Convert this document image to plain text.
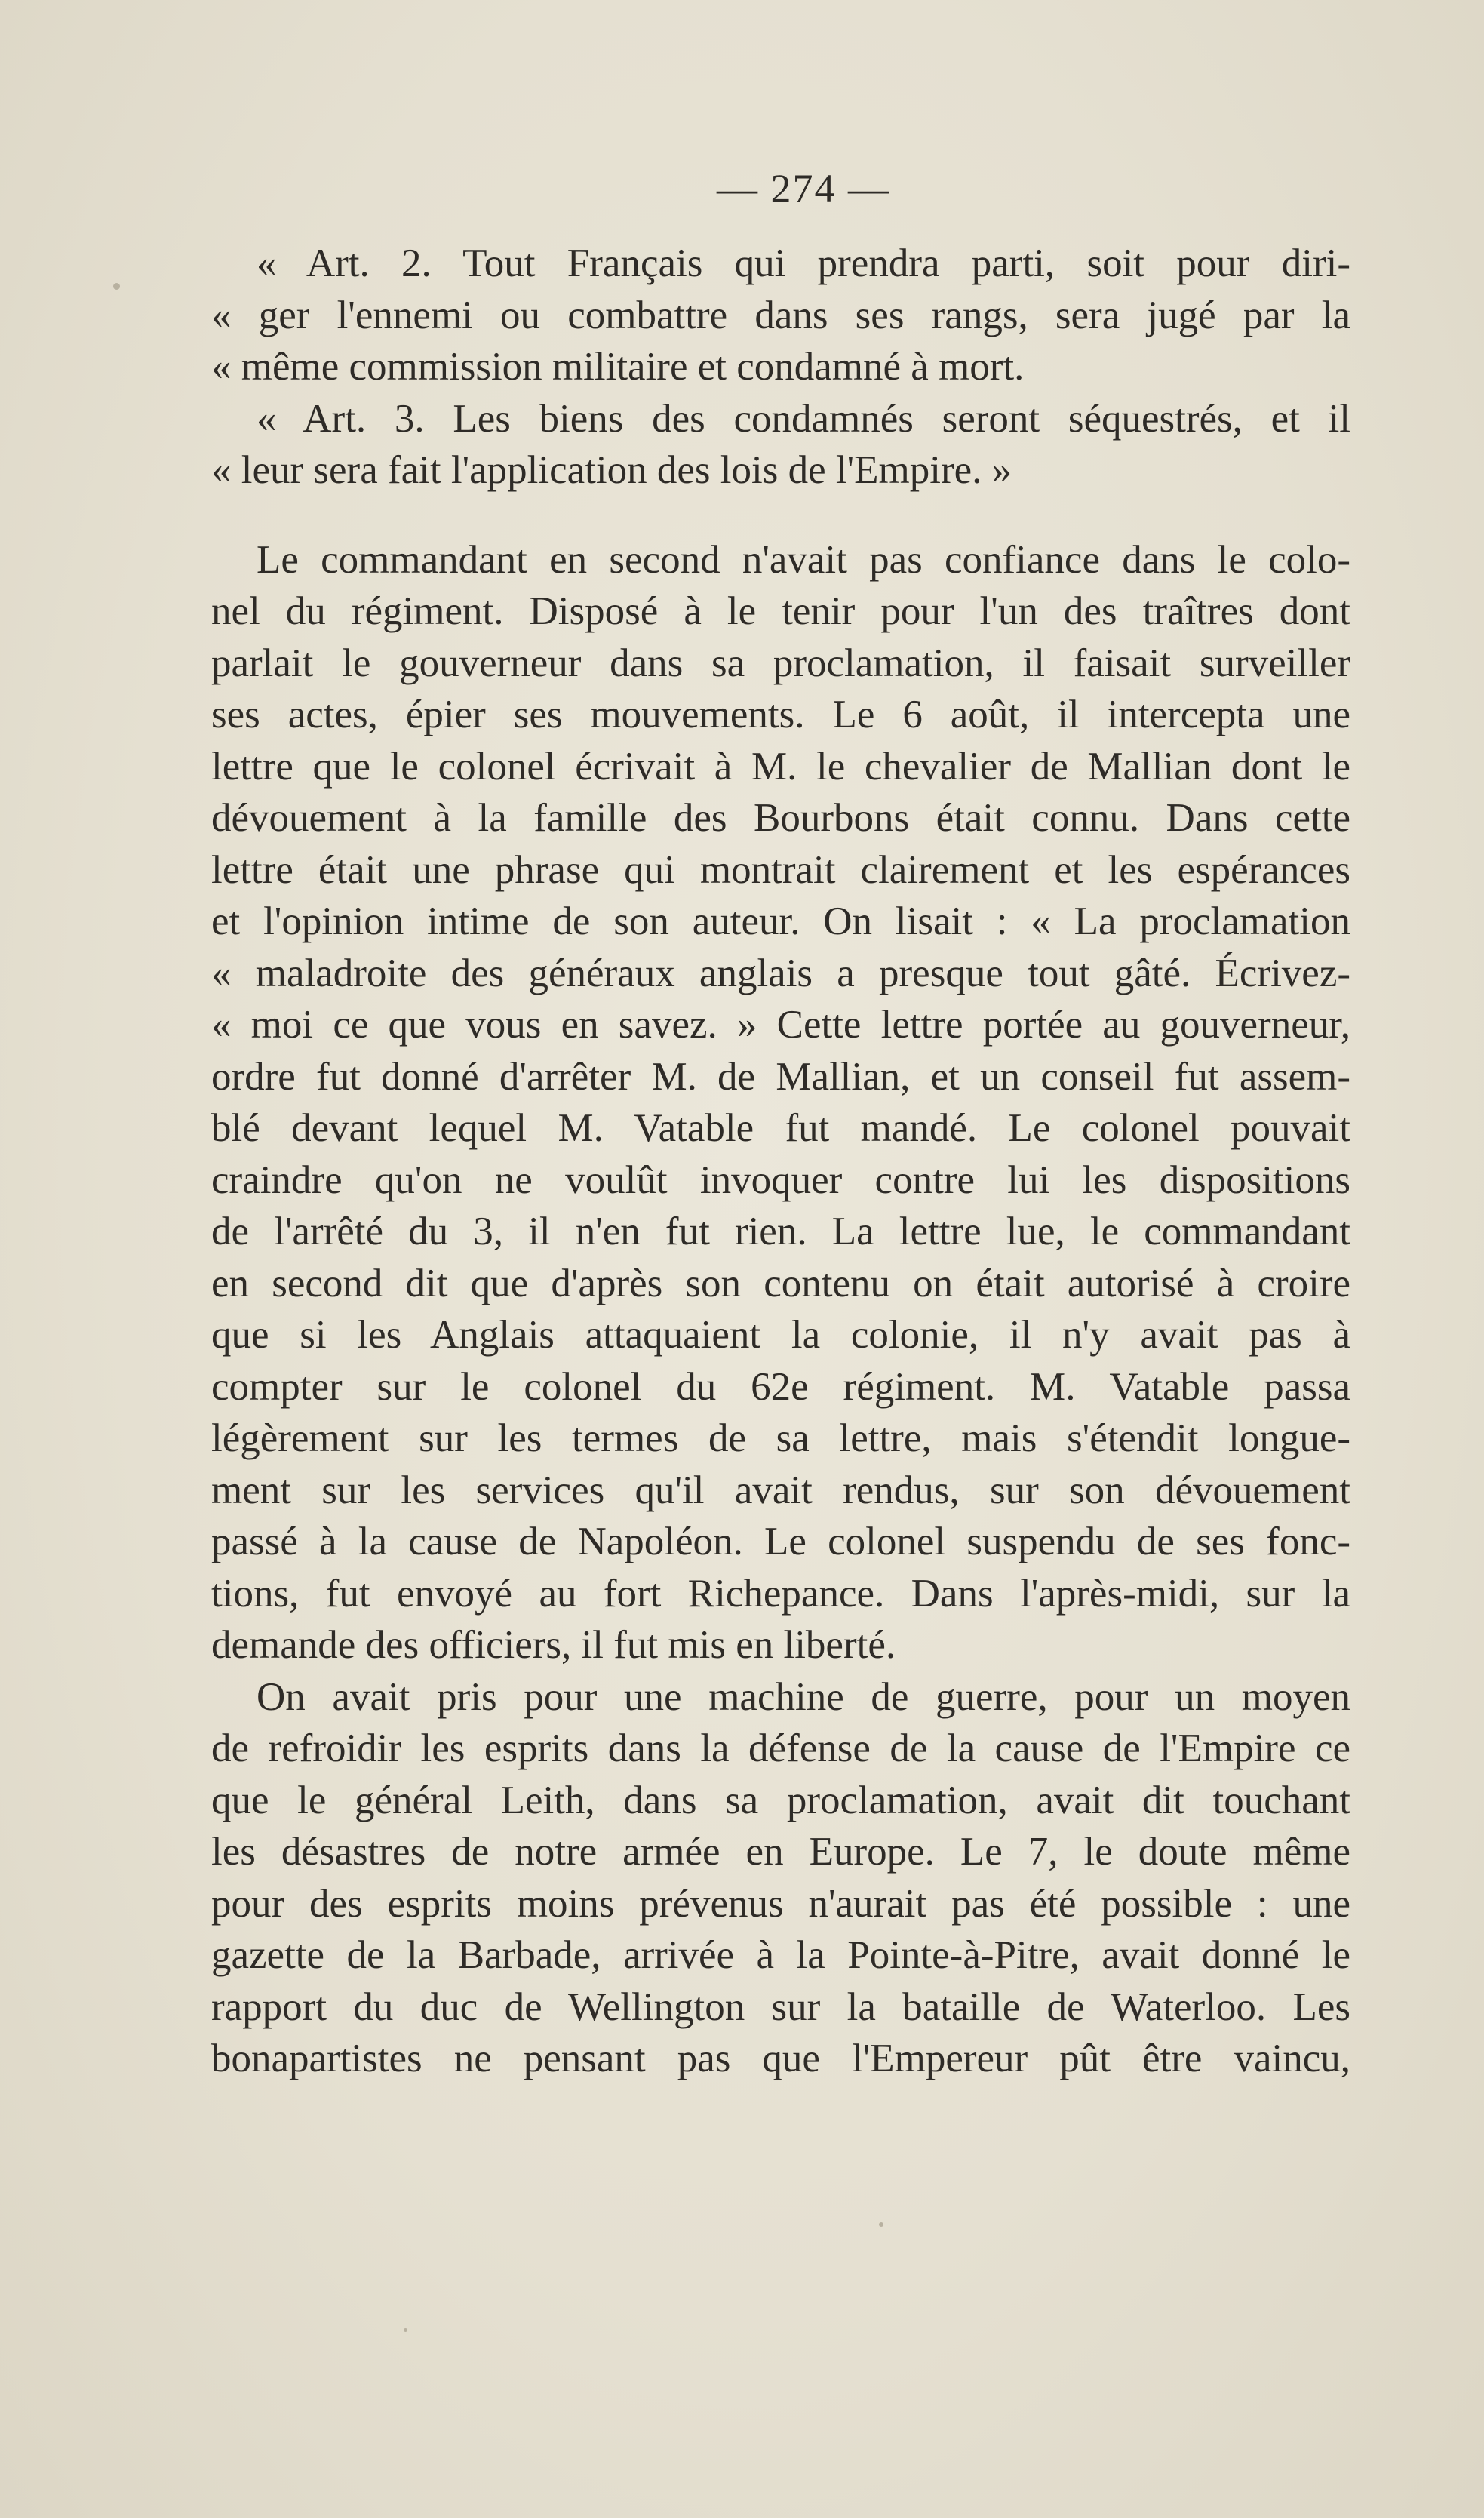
— 274 —
« Art. 2. Tout Français qui prendra parti, soit pour diri-
« ger l'ennemi ou combattre dans ses rangs, sera jugé par la
« même commission militaire et condamné à mort.
« Art. 3. Les biens des condamnés seront séquestrés, et il
« leur sera fait l'application des lois de l'Empire. »
Le commandant en second n'avait pas confiance dans le colo-
nel du régiment. Disposé à le tenir pour l'un des traîtres dont
parlait le gouverneur dans sa proclamation, il faisait surveiller
ses actes, épier ses mouvements. Le 6 août, il intercepta une
lettre que le colonel écrivait à M. le chevalier de Mallian dont le
dévouement à la famille des Bourbons était connu. Dans cette
lettre était une phrase qui montrait clairement et les espérances
et l'opinion intime de son auteur. On lisait : « La proclamation
« maladroite des généraux anglais a presque tout gâté. Écrivez-
« moi ce que vous en savez. » Cette lettre portée au gouverneur,
ordre fut donné d'arrêter M. de Mallian, et un conseil fut assem-
blé devant lequel M. Vatable fut mandé. Le colonel pouvait
craindre qu'on ne voulût invoquer contre lui les dispositions
de l'arrêté du 3, il n'en fut rien. La lettre lue, le commandant
en second dit que d'après son contenu on était autorisé à croire
que si les Anglais attaquaient la colonie, il n'y avait pas à
compter sur le colonel du 62e régiment. M. Vatable passa
légèrement sur les termes de sa lettre, mais s'étendit longue-
ment sur les services qu'il avait rendus, sur son dévouement
passé à la cause de Napoléon. Le colonel suspendu de ses fonc-
tions, fut envoyé au fort Richepance. Dans l'après-midi, sur la
demande des officiers, il fut mis en liberté.
On avait pris pour une machine de guerre, pour un moyen
de refroidir les esprits dans la défense de la cause de l'Empire ce
que le général Leith, dans sa proclamation, avait dit touchant
les désastres de notre armée en Europe. Le 7, le doute même
pour des esprits moins prévenus n'aurait pas été possible : une
gazette de la Barbade, arrivée à la Pointe-à-Pitre, avait donné le
rapport du duc de Wellington sur la bataille de Waterloo. Les
bonapartistes ne pensant pas que l'Empereur pût être vaincu,
